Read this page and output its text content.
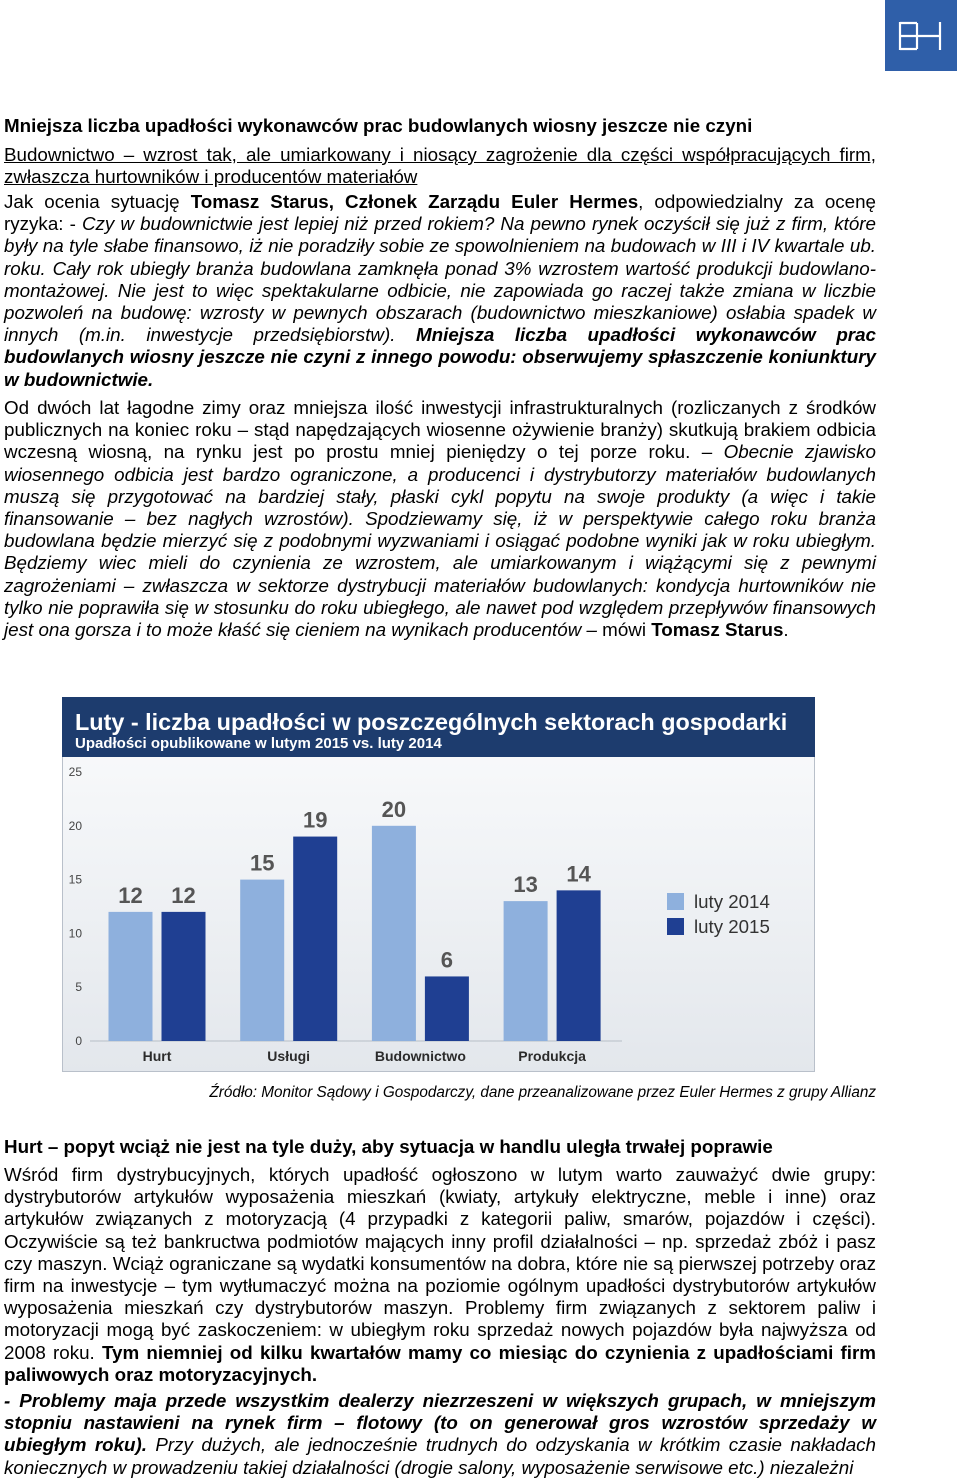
Mniejsza liczba upadłości wykonawców prac budowlanych wiosny jeszcze nie czyni

Budownictwo – wzrost tak, ale umiarkowany i niosący zagrożenie dla części współpracujących firm, zwłaszcza hurtowników i producentów materiałów

Jak ocenia sytuację Tomasz Starus, Członek Zarządu Euler Hermes, odpowiedzialny za ocenę ryzyka: - Czy w budownictwie jest lepiej niż przed rokiem? Na pewno rynek oczyścił się już z firm, które były na tyle słabe finansowo, iż nie poradziły sobie ze spowolnieniem na budowach w III i IV kwartale ub. roku. Cały rok ubiegły branża budowlana zamknęła ponad 3% wzrostem wartość produkcji budowlano-montażowej. Nie jest to więc spektakularne odbicie, nie zapowiada go raczej także zmiana w liczbie pozwoleń na budowę: wzrosty w pewnych obszarach (budownictwo mieszkaniowe) osłabia spadek w innych (m.in. inwestycje przedsiębiorstw). Mniejsza liczba upadłości wykonawców prac budowlanych wiosny jeszcze nie czyni z innego powodu: obserwujemy spłaszczenie koniunktury w budownictwie.

Od dwóch lat łagodne zimy oraz mniejsza ilość inwestycji infrastrukturalnych (rozliczanych z środków publicznych na koniec roku – stąd napędzających wiosenne ożywienie branży) skutkują brakiem odbicia wczesną wiosną, na rynku jest po prostu mniej pieniędzy o tej porze roku. – Obecnie zjawisko wiosennego odbicia jest bardzo ograniczone, a producenci i dystrybutorzy materiałów budowlanych muszą się przygotować na bardziej stały, płaski cykl popytu na swoje produkty (a więc i takie finansowanie – bez nagłych wzrostów). Spodziewamy się, iż w perspektywie całego roku branża budowlana będzie mierzyć się z podobnymi wyzwaniami i osiągać podobne wyniki jak w roku ubiegłym. Będziemy wiec mieli do czynienia ze wzrostem, ale umiarkowanym i wiążącymi się z pewnymi zagrożeniami – zwłaszcza w sektorze dystrybucji materiałów budowlanych: kondycja hurtowników nie tylko nie poprawiła się w stosunku do roku ubiegłego, ale nawet pod względem przepływów finansowych jest ona gorsza i to może kłaść się cieniem na wynikach producentów – mówi Tomasz Starus.

Luty - liczba upadłości w poszczególnych sektorach gospodarki
Upadłości opublikowane w lutym 2015 vs. luty 2014
0
5
10
15
20
25
12 12
Hurt
15
19
Usługi
20
6
Budownictwo
13 14
Produkcja
luty 2014
luty 2015

Źródło: Monitor Sądowy i Gospodarczy, dane przeanalizowane przez Euler Hermes z grupy Allianz

Hurt – popyt wciąż nie jest na tyle duży, aby sytuacja w handlu uległa trwałej poprawie

Wśród firm dystrybucyjnych, których upadłość ogłoszono w lutym warto zauważyć dwie grupy: dystrybutorów artykułów wyposażenia mieszkań (kwiaty, artykuły elektryczne, meble i inne) oraz artykułów związanych z motoryzacją (4 przypadki z kategorii paliw, smarów, pojazdów i części). Oczywiście są też bankructwa podmiotów mających inny profil działalności – np. sprzedaż zbóż i pasz czy maszyn. Wciąż ograniczane są wydatki konsumentów na dobra, które nie są pierwszej potrzeby oraz firm na inwestycje – tym wytłumaczyć można na poziomie ogólnym upadłości dystrybutorów artykułów wyposażenia mieszkań czy dystrybutorów maszyn. Problemy firm związanych z sektorem paliw i motoryzacji mogą być zaskoczeniem: w ubiegłym roku sprzedaż nowych pojazdów była najwyższa od 2008 roku. Tym niemniej od kilku kwartałów mamy co miesiąc do czynienia z upadłościami firm paliwowych oraz motoryzacyjnych.

- Problemy maja przede wszystkim dealerzy niezrzeszeni w większych grupach, w mniejszym stopniu nastawieni na rynek firm – flotowy (to on generował gros wzrostów sprzedaży w ubiegłym roku). Przy dużych, ale jednocześnie trudnych do odzyskania w krótkim czasie nakładach koniecznych w prowadzeniu takiej działalności (drogie salony, wyposażenie serwisowe etc.) niezależni
